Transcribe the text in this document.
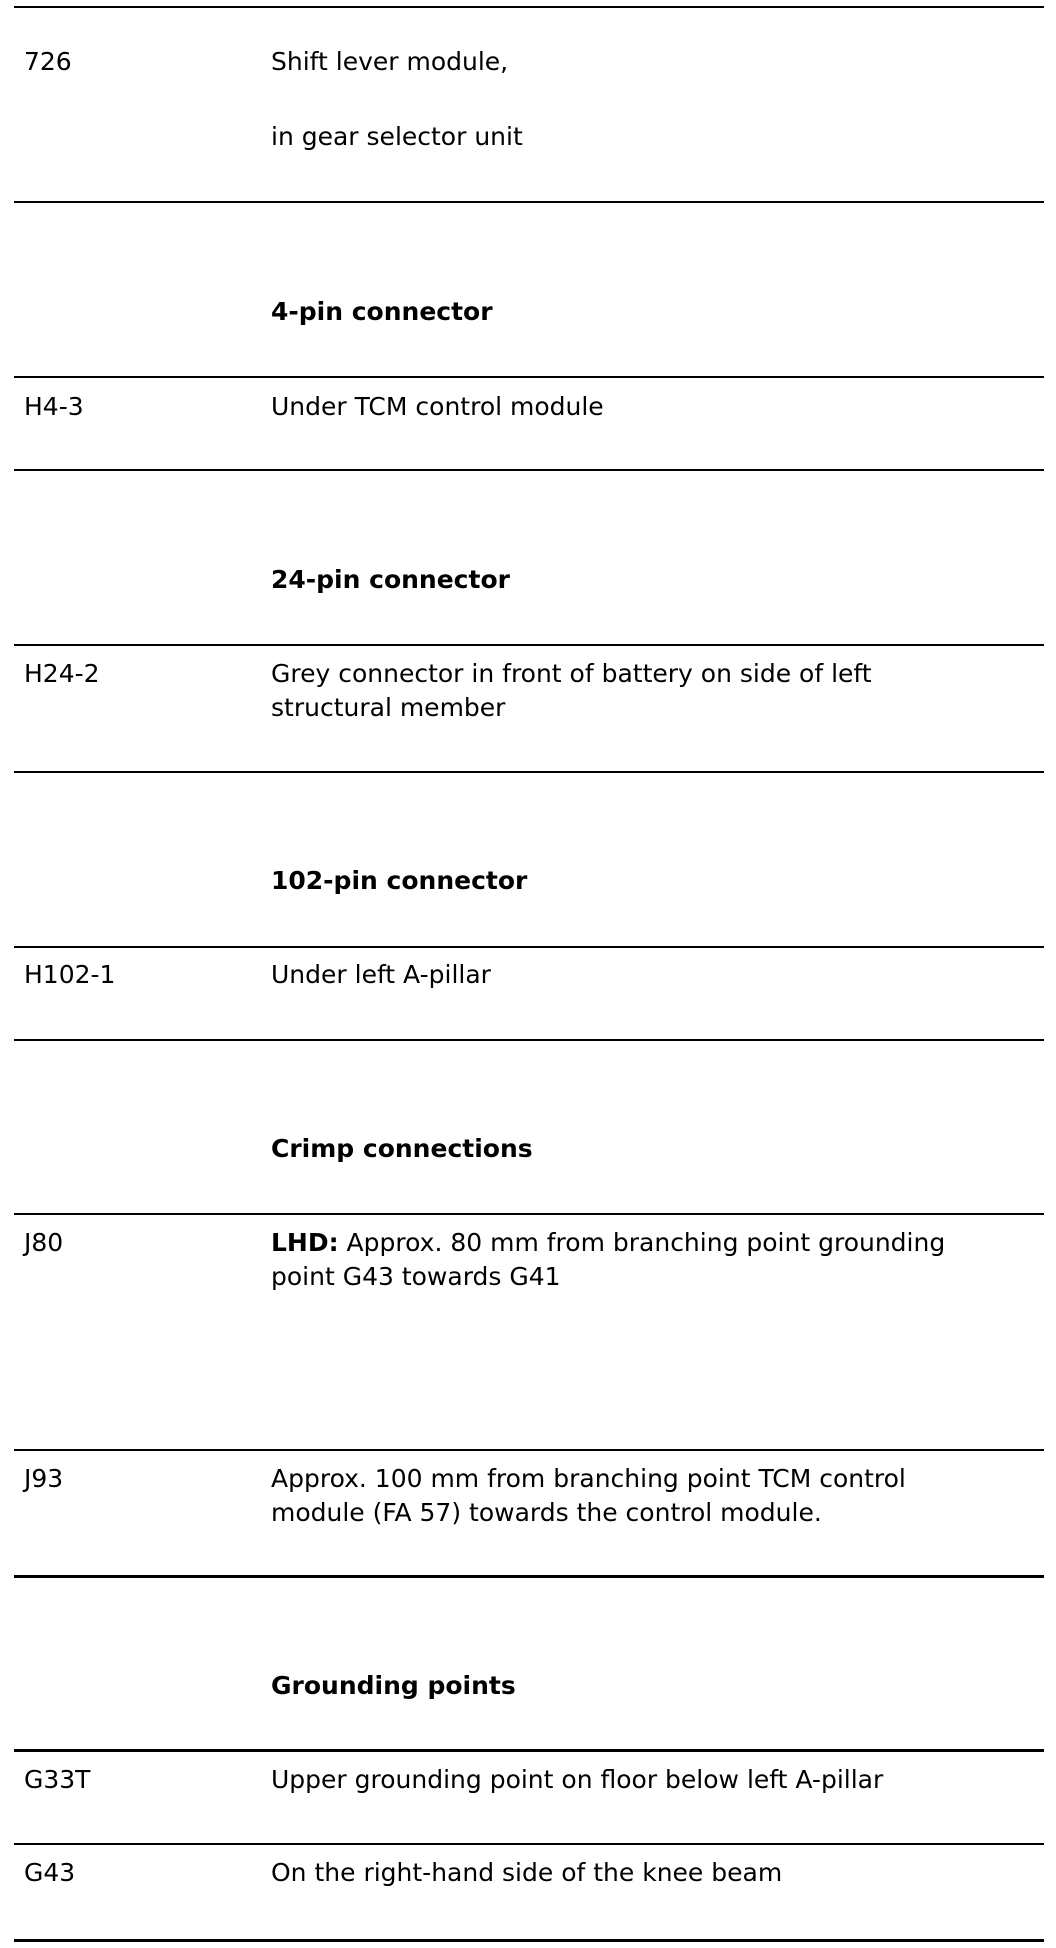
726	Shift lever module,
in gear selector unit
4-pin connector
H4-3	Under TCM control module
24-pin connector
H24-2	Grey connector in front of battery on side of left
structural member
102-pin connector
H102-1	Under left A-pillar
Crimp connections
J80	LHD: Approx. 80 mm from branching point grounding
point G43 towards G41
J93	Approx. 100 mm from branching point TCM control
module (FA 57) towards the control module.
Grounding points
G33T	Upper grounding point on floor below left A-pillar
G43	On the right-hand side of the knee beam
